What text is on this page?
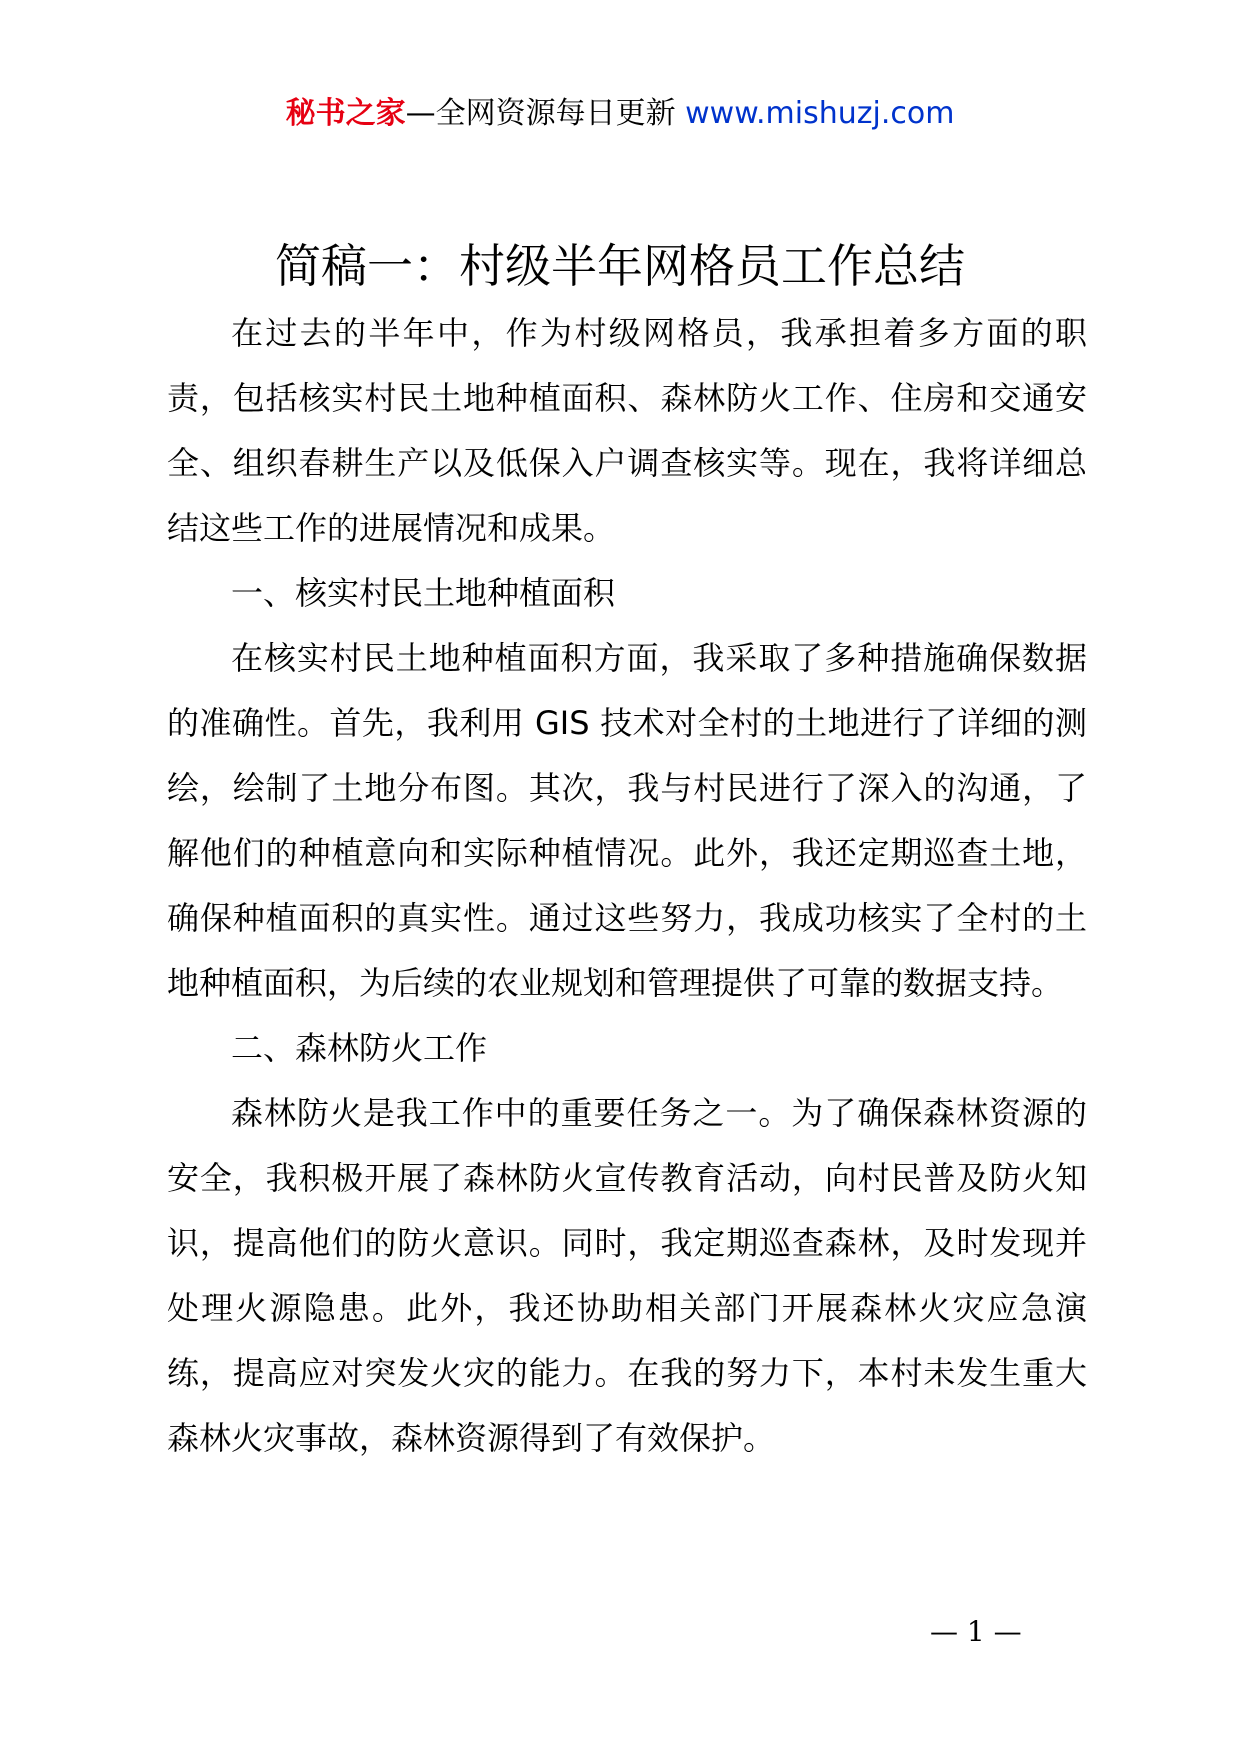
秘书之家—全网资源每日更新 www.mishuzj.com
简稿一：村级半年网格员工作总结

在过去的半年中，作为村级网格员，我承担着多方面的职责，包括核实村民土地种植面积、森林防火工作、住房和交通安全、组织春耕生产以及低保入户调查核实等。现在，我将详细总结这些工作的进展情况和成果。

一、核实村民土地种植面积

在核实村民土地种植面积方面，我采取了多种措施确保数据的准确性。首先，我利用 GIS 技术对全村的土地进行了详细的测绘，绘制了土地分布图。其次，我与村民进行了深入的沟通，了解他们的种植意向和实际种植情况。此外，我还定期巡查土地，确保种植面积的真实性。通过这些努力，我成功核实了全村的土地种植面积，为后续的农业规划和管理提供了可靠的数据支持。

二、森林防火工作

森林防火是我工作中的重要任务之一。为了确保森林资源的安全，我积极开展了森林防火宣传教育活动，向村民普及防火知识，提高他们的防火意识。同时，我定期巡查森林，及时发现并处理火源隐患。此外，我还协助相关部门开展森林火灾应急演练，提高应对突发火灾的能力。在我的努力下，本村未发生重大森林火灾事故，森林资源得到了有效保护。

— 1 —
